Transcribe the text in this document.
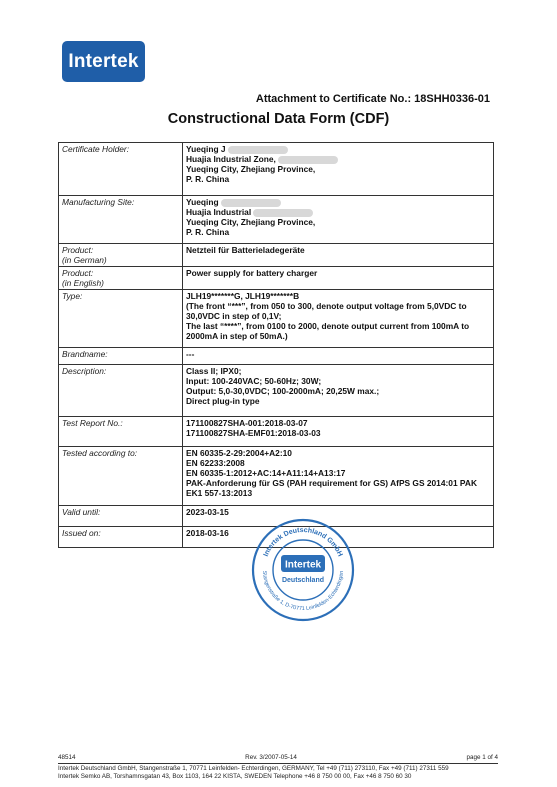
Intertek
Attachment to Certificate No.: 18SHH0336-01
Constructional Data Form (CDF)
Certificate Holder:	Yueqing J
Huajia Industrial Zone,
Yueqing City, Zhejiang Province,
P. R. China

Manufacturing Site:	Yueqing
Huajia Industrial
Yueqing City, Zhejiang Province,
P. R. China

Product:
(in German)	Netzteil für Batterieladegeräte

Product:
(in English)	Power supply for battery charger

Type:	JLH19*******G, JLH19*******B
(The front “***”, from 050 to 300, denote output voltage from 5,0VDC to 30,0VDC in step of 0,1V;
The last “****”, from 0100 to 2000, denote output current from 100mA to 2000mA in step of 50mA.)

Brandname:	---

Description:	Class II; IPX0;
Input: 100-240VAC; 50-60Hz; 30W;
Output: 5,0-30,0VDC; 100-2000mA; 20,25W max.;
Direct plug-in type

Test Report No.:	171100827SHA-001:2018-03-07
171100827SHA-EMF01:2018-03-03

Tested according to:	EN 60335-2-29:2004+A2:10
EN 62233:2008
EN 60335-1:2012+AC:14+A11:14+A13:17
PAK-Anforderung für GS (PAH requirement for GS) AfPS GS 2014:01 PAK EK1 557-13:2013

Valid until:	2023-03-15

Issued on:	2018-03-16
Intertek Deutschland GmbH
Stangenstraße 1, D-70771 Leinfelden-Echterdingen
Intertek
Deutschland
48514	Rev. 3/2007-05-14	page 1 of 4
Intertek Deutschland GmbH, Stangenstraße 1, 70771 Leinfelden- Echterdingen, GERMANY, Tel +49 (711) 273110, Fax +49 (711) 27311 559
Intertek Semko AB, Torshamnsgatan 43, Box 1103, 164 22 KISTA, SWEDEN Telephone +46 8 750 00 00, Fax +46 8 750 60 30
